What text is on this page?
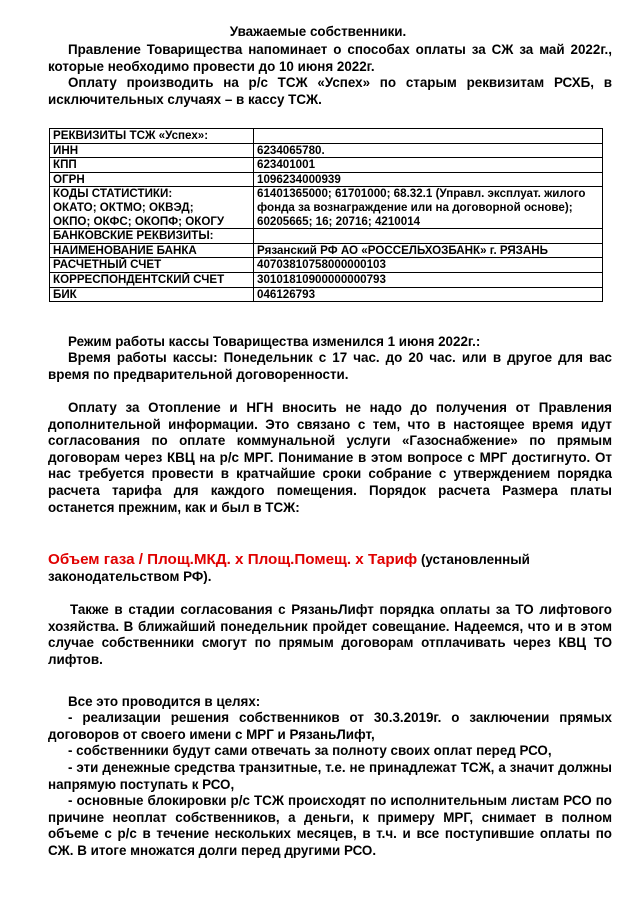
Уважаемые собственники.

Правление Товарищества напоминает о способах оплаты за СЖ за май 2022г., которые необходимо провести до 10 июня 2022г.

Оплату производить на р/с ТСЖ «Успех» по старым реквизитам РСХБ, в исключительных случаях – в кассу ТСЖ.

РЕКВИЗИТЫ ТСЖ «Успех»:	
ИНН	6234065780.
КПП	623401001
ОГРН	1096234000939
КОДЫ СТАТИСТИКИ:
ОКАТО; ОКТМО; ОКВЭД;
ОКПО; ОКФС; ОКОПФ; ОКОГУ	61401365000; 61701000; 68.32.1 (Управл. эксплуат. жилого фонда за вознаграждение или на договорной основе); 60205665; 16; 20716; 4210014
БАНКОВСКИЕ РЕКВИЗИТЫ:	
НАИМЕНОВАНИЕ БАНКА	Рязанский РФ АО «РОССЕЛЬХОЗБАНК» г. РЯЗАНЬ
РАСЧЕТНЫЙ СЧЕТ	40703810758000000103
КОРРЕСПОНДЕНТСКИЙ СЧЕТ	30101810900000000793
БИК	046126793

Режим работы кассы Товарищества изменился 1 июня 2022г.:

Время работы кассы: Понедельник с 17 час. до 20 час. или в другое для вас время по предварительной договоренности.

Оплату за Отопление и НГН вносить не надо до получения от Правления дополнительной информации. Это связано с тем, что в настоящее время идут согласования по оплате коммунальной услуги «Газоснабжение» по прямым договорам через КВЦ на р/с МРГ. Понимание в этом вопросе с МРГ достигнуто. От нас требуется провести в кратчайшие сроки собрание с утверждением порядка расчета тарифа для каждого помещения. Порядок расчета Размера платы останется прежним, как и был в ТСЖ:

Объем газа / Площ.МКД. х Площ.Помещ. х Тариф (установленный законодательством РФ).

Также в стадии согласования с РязаньЛифт порядка оплаты за ТО лифтового хозяйства. В ближайший понедельник пройдет совещание. Надеемся, что и в этом случае собственники смогут по прямым договорам отплачивать через КВЦ ТО лифтов.

Все это проводится в целях:

- реализации решения собственников от 30.3.2019г. о заключении прямых договоров от своего имени с МРГ и РязаньЛифт,

- собственники будут сами отвечать за полноту своих оплат перед РСО,

- эти денежные средства транзитные, т.е. не принадлежат ТСЖ, а значит должны напрямую поступать к РСО,

- основные блокировки р/с ТСЖ происходят по исполнительным листам РСО по причине неоплат собственников, а деньги, к примеру МРГ, снимает в полном объеме с р/с в течение нескольких месяцев, в т.ч. и все поступившие оплаты по СЖ. В итоге множатся долги перед другими РСО.
